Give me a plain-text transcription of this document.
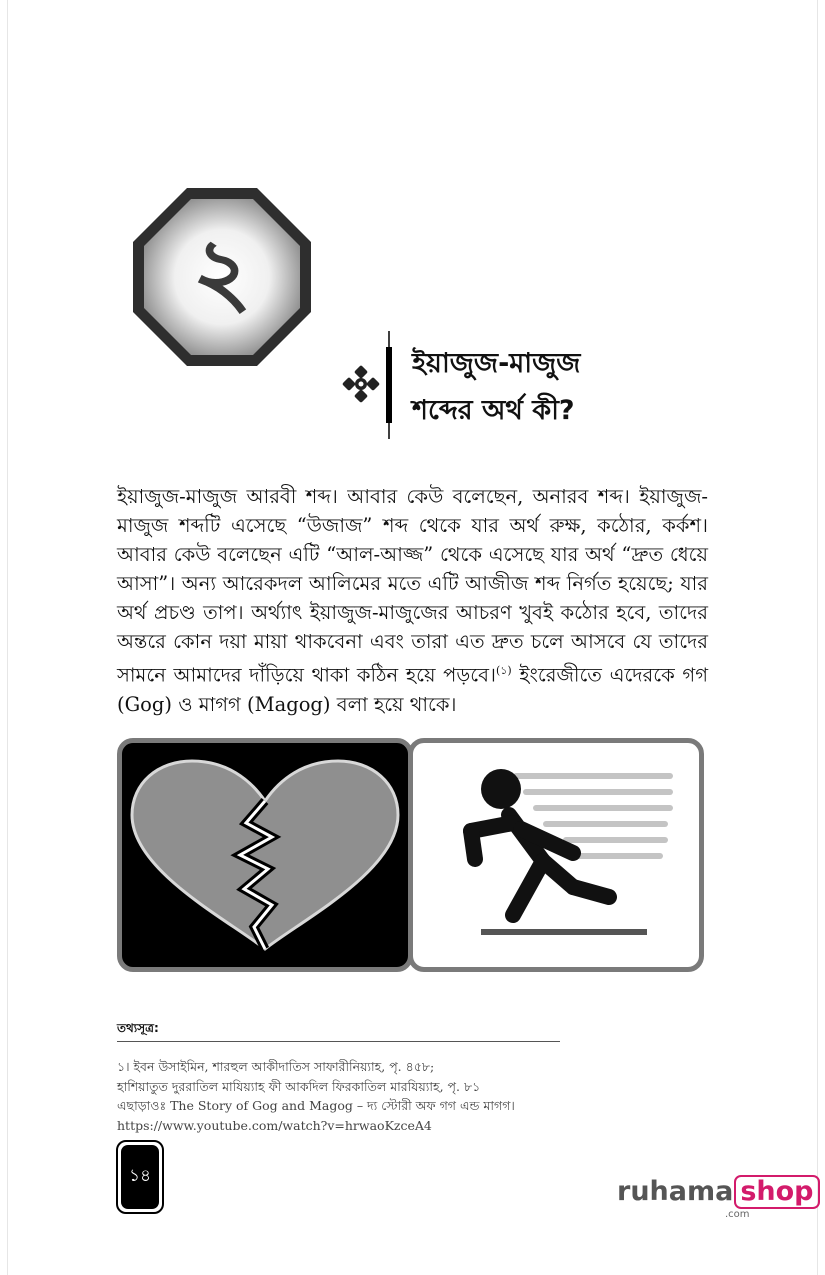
২
ইয়াজুজ-মাজুজ
শব্দের অর্থ কী?

ইয়াজুজ-মাজুজ আরবী শব্দ। আবার কেউ বলেছেন, অনারব শব্দ। ইয়াজুজ-মাজুজ শব্দটি এসেছে “উজাজ” শব্দ থেকে যার অর্থ রুক্ষ, কঠোর, কর্কশ। আবার কেউ বলেছেন এটি “আল-আজ্জ” থেকে এসেছে যার অর্থ “দ্রুত ধেয়ে আসা”। অন্য আরেকদল আলিমের মতে এটি আজীজ শব্দ নির্গত হয়েছে; যার অর্থ প্রচণ্ড তাপ। অর্থ্যাৎ ইয়াজুজ-মাজুজের আচরণ খুবই কঠোর হবে, তাদের অন্তরে কোন দয়া মায়া থাকবেনা এবং তারা এত দ্রুত চলে আসবে যে তাদের সামনে আমাদের দাঁড়িয়ে থাকা কঠিন হয়ে পড়বে।$^{(১)}$ ইংরেজীতে এদেরকে গগ (Gog) ও মাগগ (Magog) বলা হয়ে থাকে।

তথ্যসূত্র:
১। ইবন উসাইমিন, শারহুল আকীদাতিস সাফারীনিয়্যাহ, পৃ. ৪৫৮;
হাশিয়াতুত দুররাতিল মাযিয়্যাহ ফী আকদিল ফিরকাতিল মারযিয়্যাহ, পৃ. ৮১
এছাড়াওঃ The Story of Gog and Magog – দ্য স্টোরী অফ গগ এন্ড মাগগ।
https://www.youtube.com/watch?v=hrwaoKzceA4
১৪	ruhama shop
.com
